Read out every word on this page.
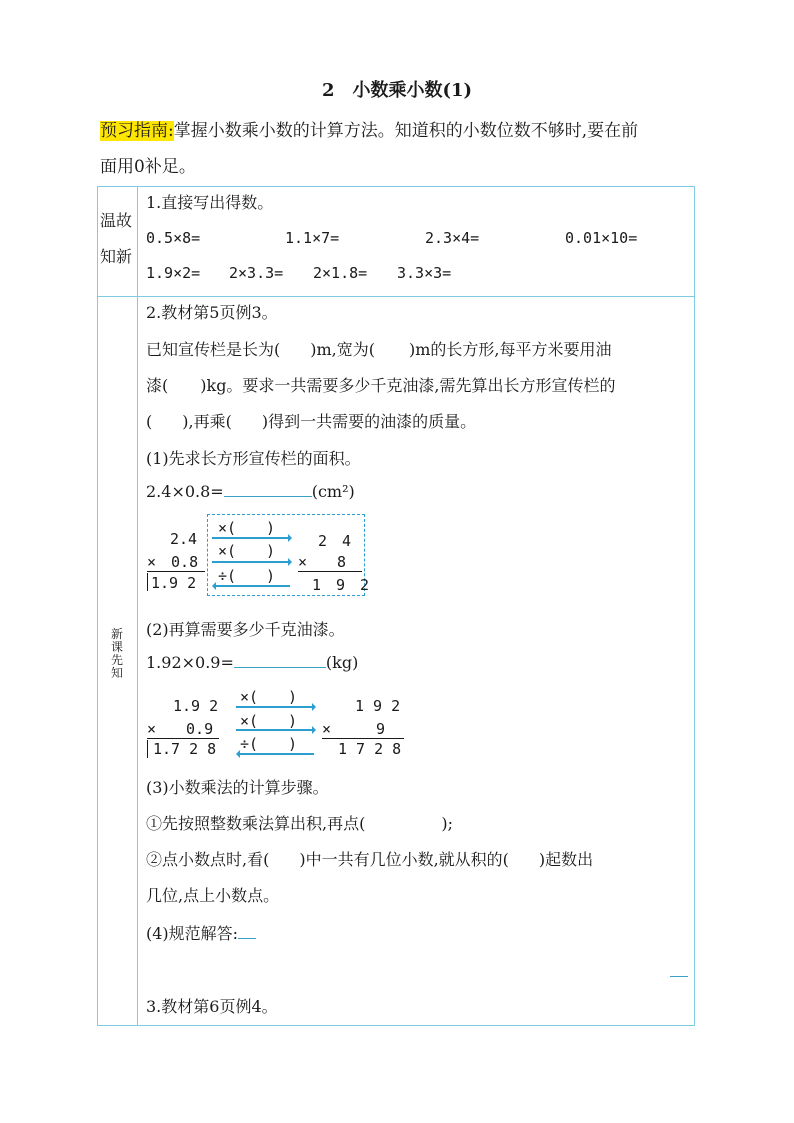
2　小数乘小数(1)
预习指南:掌握小数乘小数的计算方法。知道积的小数位数不够时,要在前
面用0补足。
温故
知新
1.直接写出得数。
0.5×8=	1.1×7=	2.3×4=	0.01×10=
1.9×2= 2×3.3= 2×1.8= 3.3×3=
新课先知
2.教材第5页例3。
已知宣传栏是长为( )m,宽为( )m的长方形,每平方米要用油
漆( )kg。要求一共需要多少千克油漆,需先算出长方形宣传栏的
( ),再乘( )得到一共需要的油漆的质量。
(1)先求长方形宣传栏的面积。
2.4×0.8=	(cm²)
2.4
×　0.8
1.9 2
×(　　)
×(　　)
÷(　　)
2　4
×　　8
1　9　2
(2)再算需要多少千克油漆。
1.92×0.9=	(kg)
1.9 2
×　　0.9
1.7 2 8
×(　　)
×(　　)
÷(　　)
1 9 2
×　　　9
1 7 2 8
(3)小数乘法的计算步骤。
①先按照整数乘法算出积,再点(	);
②点小数点时,看( )中一共有几位小数,就从积的( )起数出
几位,点上小数点。
(4)规范解答:
3.教材第6页例4。
